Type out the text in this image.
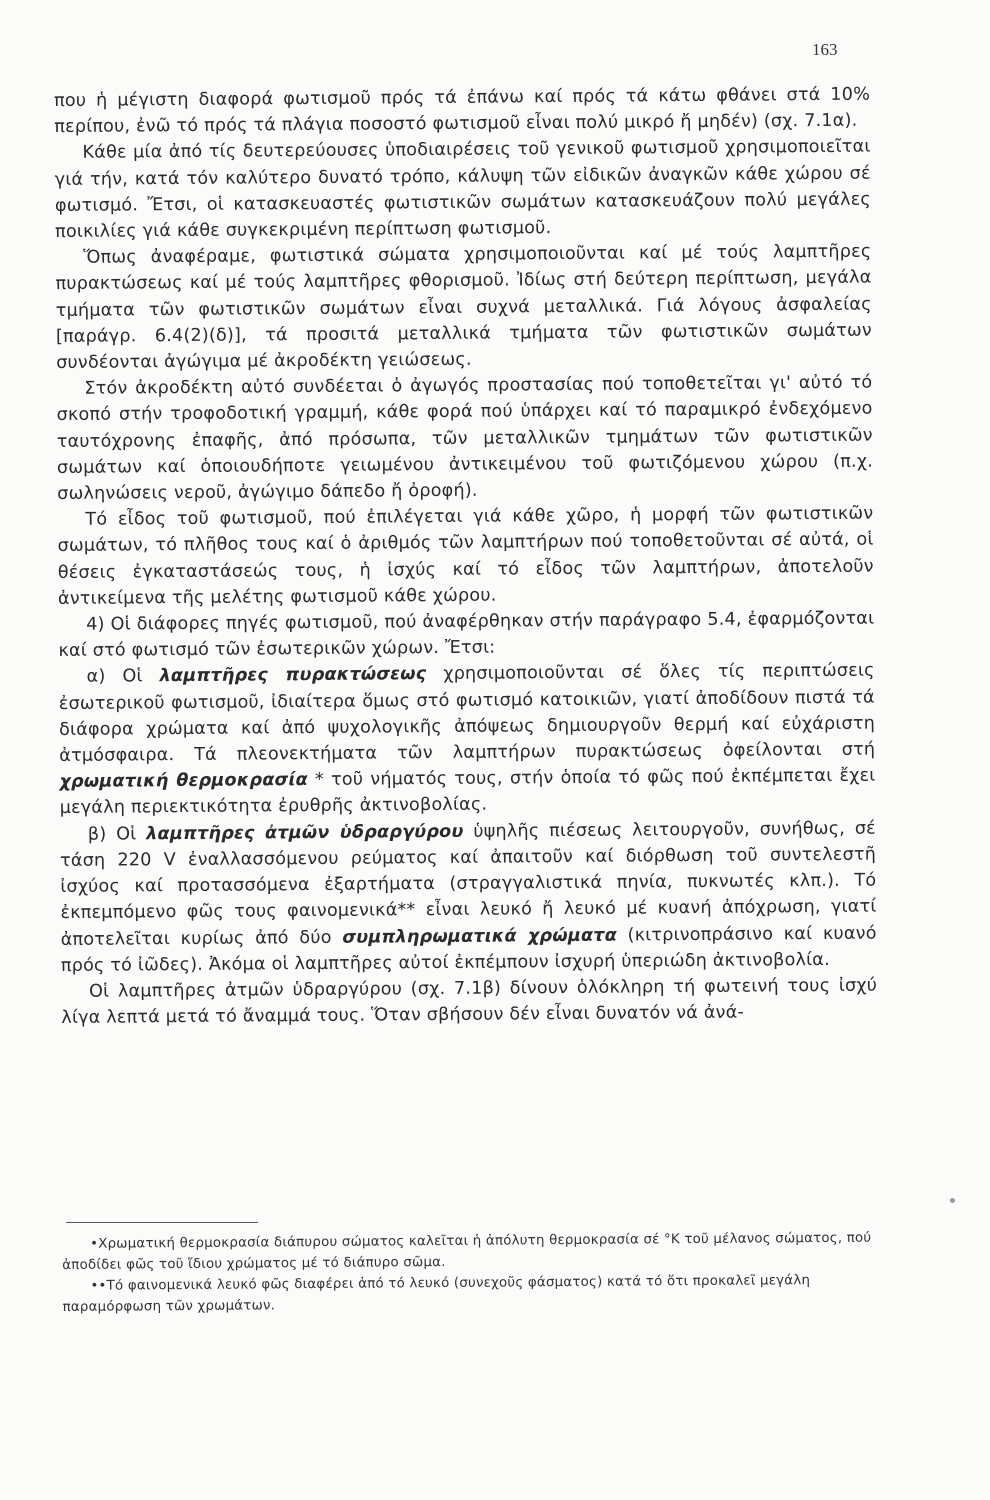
163

που ἡ μέγιστη διαφορά φωτισμοῦ πρός τά ἐπάνω καί πρός τά κάτω φθάνει στά 10% περίπου, ἐνῶ τό πρός τά πλάγια ποσοστό φωτισμοῦ εἶναι πολύ μικρό ἤ μηδέν) (σχ. 7.1α).

Κάθε μία ἀπό τίς δευτερεύουσες ὑποδιαιρέσεις τοῦ γενικοῦ φωτισμοῦ χρησιμοποιεῖται γιά τήν, κατά τόν καλύτερο δυνατό τρόπο, κάλυψη τῶν εἰδικῶν ἀναγκῶν κάθε χώρου σέ φωτισμό. Ἔτσι, οἱ κατασκευαστές φωτιστικῶν σωμάτων κατασκευάζουν πολύ μεγάλες ποικιλίες γιά κάθε συγκεκριμένη περίπτωση φωτισμοῦ.

Ὅπως ἀναφέραμε, φωτιστικά σώματα χρησιμοποιοῦνται καί μέ τούς λαμπτῆρες πυρακτώσεως καί μέ τούς λαμπτῆρες φθορισμοῦ. Ἰδίως στή δεύτερη περίπτωση, μεγάλα τμήματα τῶν φωτιστικῶν σωμάτων εἶναι συχνά μεταλλικά. Γιά λόγους ἀσφαλείας [παράγρ. 6.4(2)(δ)], τά προσιτά μεταλλικά τμήματα τῶν φωτιστικῶν σωμάτων συνδέονται ἀγώγιμα μέ ἀκροδέκτη γειώσεως.

Στόν ἀκροδέκτη αὐτό συνδέεται ὁ ἀγωγός προστασίας πού τοποθετεῖται γι' αὐτό τό σκοπό στήν τροφοδοτική γραμμή, κάθε φορά πού ὑπάρχει καί τό παραμικρό ἐνδεχόμενο ταυτόχρονης ἐπαφῆς, ἀπό πρόσωπα, τῶν μεταλλικῶν τμημάτων τῶν φωτιστικῶν σωμάτων καί ὁποιουδήποτε γειωμένου ἀντικειμένου τοῦ φωτιζόμενου χώρου (π.χ. σωληνώσεις νεροῦ, ἀγώγιμο δάπεδο ἤ ὀροφή).

Τό εἶδος τοῦ φωτισμοῦ, πού ἐπιλέγεται γιά κάθε χῶρο, ἡ μορφή τῶν φωτιστικῶν σωμάτων, τό πλῆθος τους καί ὁ ἀριθμός τῶν λαμπτήρων πού τοποθετοῦνται σέ αὐτά, οἱ θέσεις ἐγκαταστάσεώς τους, ἡ ἰσχύς καί τό εἶδος τῶν λαμπτήρων, ἀποτελοῦν ἀντικείμενα τῆς μελέτης φωτισμοῦ κάθε χώρου.

4) Οἱ διάφορες πηγές φωτισμοῦ, πού ἀναφέρθηκαν στήν παράγραφο 5.4, ἐφαρμόζονται καί στό φωτισμό τῶν ἐσωτερικῶν χώρων. Ἔτσι:

α) Οἱ λαμπτῆρες πυρακτώσεως χρησιμοποιοῦνται σέ ὅλες τίς περιπτώσεις ἐσωτερικοῦ φωτισμοῦ, ἰδιαίτερα ὅμως στό φωτισμό κατοικιῶν, γιατί ἀποδίδουν πιστά τά διάφορα χρώματα καί ἀπό ψυχολογικῆς ἀπόψεως δημιουργοῦν θερμή καί εὐχάριστη ἀτμόσφαιρα. Τά πλεονεκτήματα τῶν λαμπτήρων πυρακτώσεως ὀφείλονται στή χρωματική θερμοκρασία * τοῦ νήματός τους, στήν ὁποία τό φῶς πού ἐκπέμπεται ἔχει μεγάλη περιεκτικότητα ἐρυθρῆς ἀκτινοβολίας.

β) Οἱ λαμπτῆρες ἀτμῶν ὑδραργύρου ὑψηλῆς πιέσεως λειτουργοῦν, συνήθως, σέ τάση 220 V ἐναλλασσόμενου ρεύματος καί ἀπαιτοῦν καί διόρθωση τοῦ συντελεστῆ ἰσχύος καί προτασσόμενα ἐξαρτήματα (στραγγαλιστικά πηνία, πυκνωτές κλπ.). Τό ἐκπεμπόμενο φῶς τους φαινομενικά** εἶναι λευκό ἤ λευκό μέ κυανή ἀπόχρωση, γιατί ἀποτελεῖται κυρίως ἀπό δύο συμπληρωματικά χρώματα (κιτρινοπράσινο καί κυανό πρός τό ἰῶδες). Ἀκόμα οἱ λαμπτῆρες αὐτοί ἐκπέμπουν ἰσχυρή ὑπεριώδη ἀκτινοβολία.

Οἱ λαμπτῆρες ἀτμῶν ὑδραργύρου (σχ. 7.1β) δίνουν ὁλόκληρη τή φωτεινή τους ἰσχύ λίγα λεπτά μετά τό ἄναμμά τους. Ὅταν σβήσουν δέν εἶναι δυνατόν νά ἀνά-

•Χρωματική θερμοκρασία διάπυρου σώματος καλεῖται ἡ ἀπόλυτη θερμοκρασία σέ °K τοῦ μέλανος σώματος, πού ἀποδίδει φῶς τοῦ ἴδιου χρώματος μέ τό διάπυρο σῶμα.

••Τό φαινομενικά λευκό φῶς διαφέρει ἀπό τό λευκό (συνεχοῦς φάσματος) κατά τό ὅτι προκαλεῖ μεγάλη παραμόρφωση τῶν χρωμάτων.
